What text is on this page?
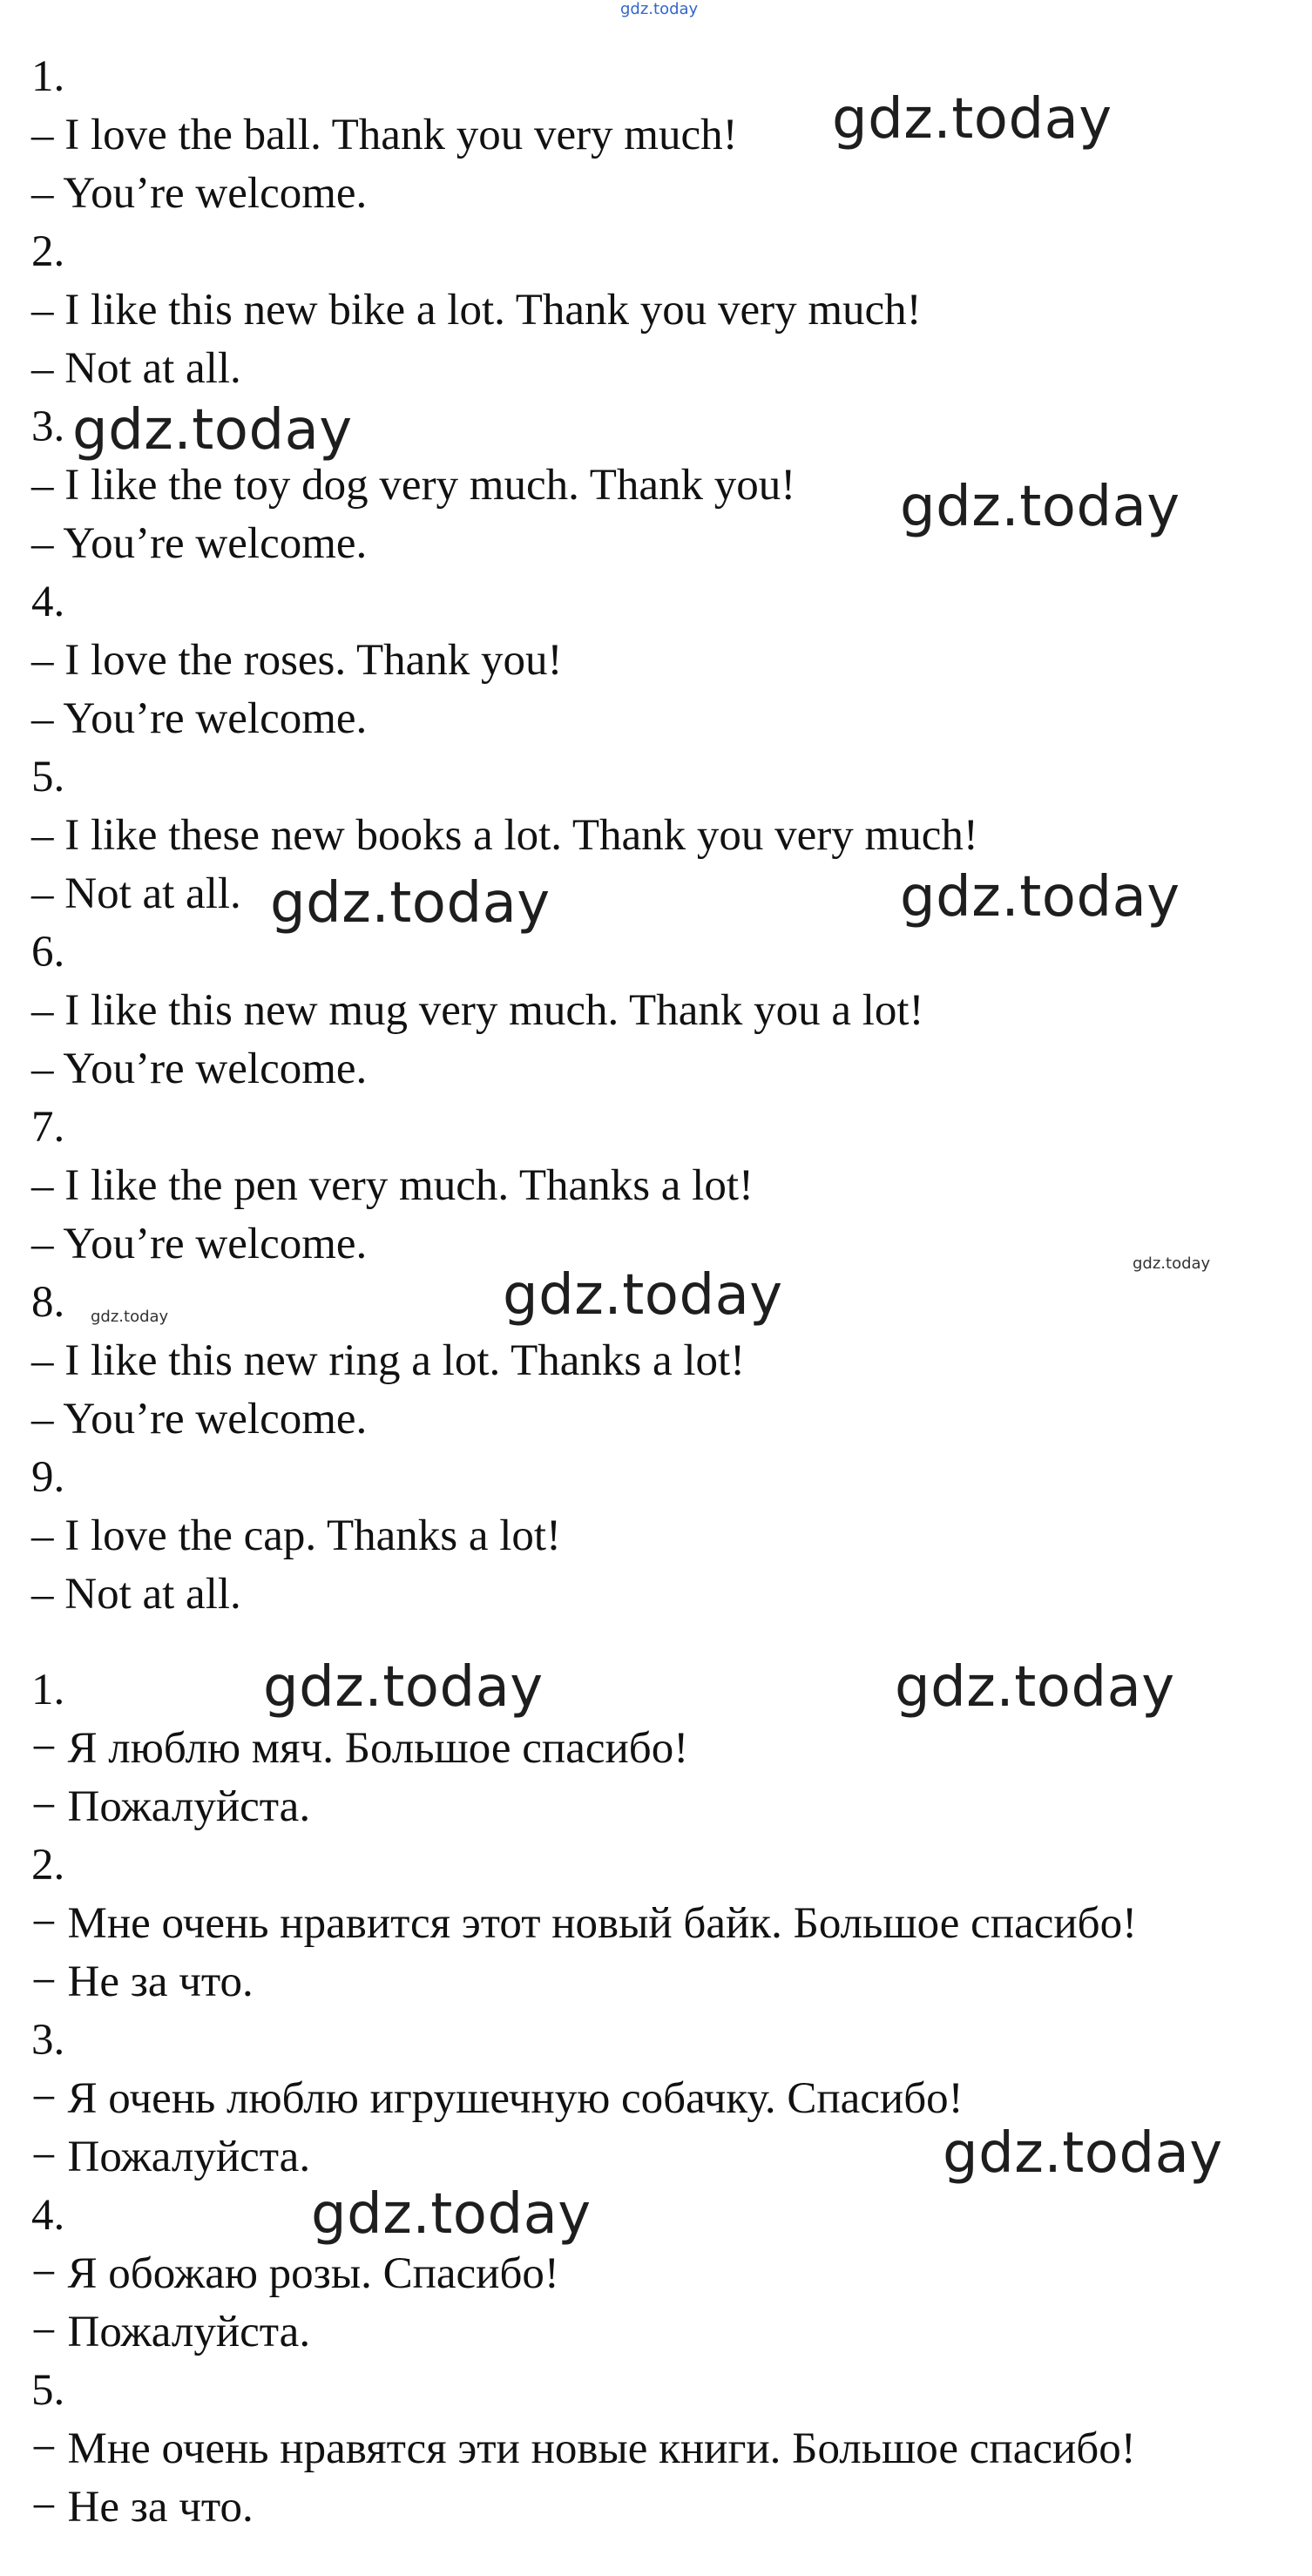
1.
– I love the ball. Thank you very much!
– You’re welcome.
2.
– I like this new bike a lot. Thank you very much!
– Not at all.
3.
– I like the toy dog very much. Thank you!
– You’re welcome.
4.
– I love the roses. Thank you!
– You’re welcome.
5.
– I like these new books a lot. Thank you very much!
– Not at all.
6.
– I like this new mug very much. Thank you a lot!
– You’re welcome.
7.
– I like the pen very much. Thanks a lot!
– You’re welcome.
8.
– I like this new ring a lot. Thanks a lot!
– You’re welcome.
9.
– I love the cap. Thanks a lot!
– Not at all.
1.
− Я люблю мяч. Большое спасибо!
− Пожалуйста.
2.
− Мне очень нравится этот новый байк. Большое спасибо!
− Не за что.
3.
− Я очень люблю игрушечную собачку. Спасибо!
− Пожалуйста.
4.
− Я обожаю розы. Спасибо!
− Пожалуйста.
5.
− Мне очень нравятся эти новые книги. Большое спасибо!
− Не за что.
gdz.today
gdz.today
gdz.today
gdz.today
gdz.today	gdz.today
gdz.today
gdz.today
gdz.today
gdz.today	gdz.today
gdz.today
gdz.today
